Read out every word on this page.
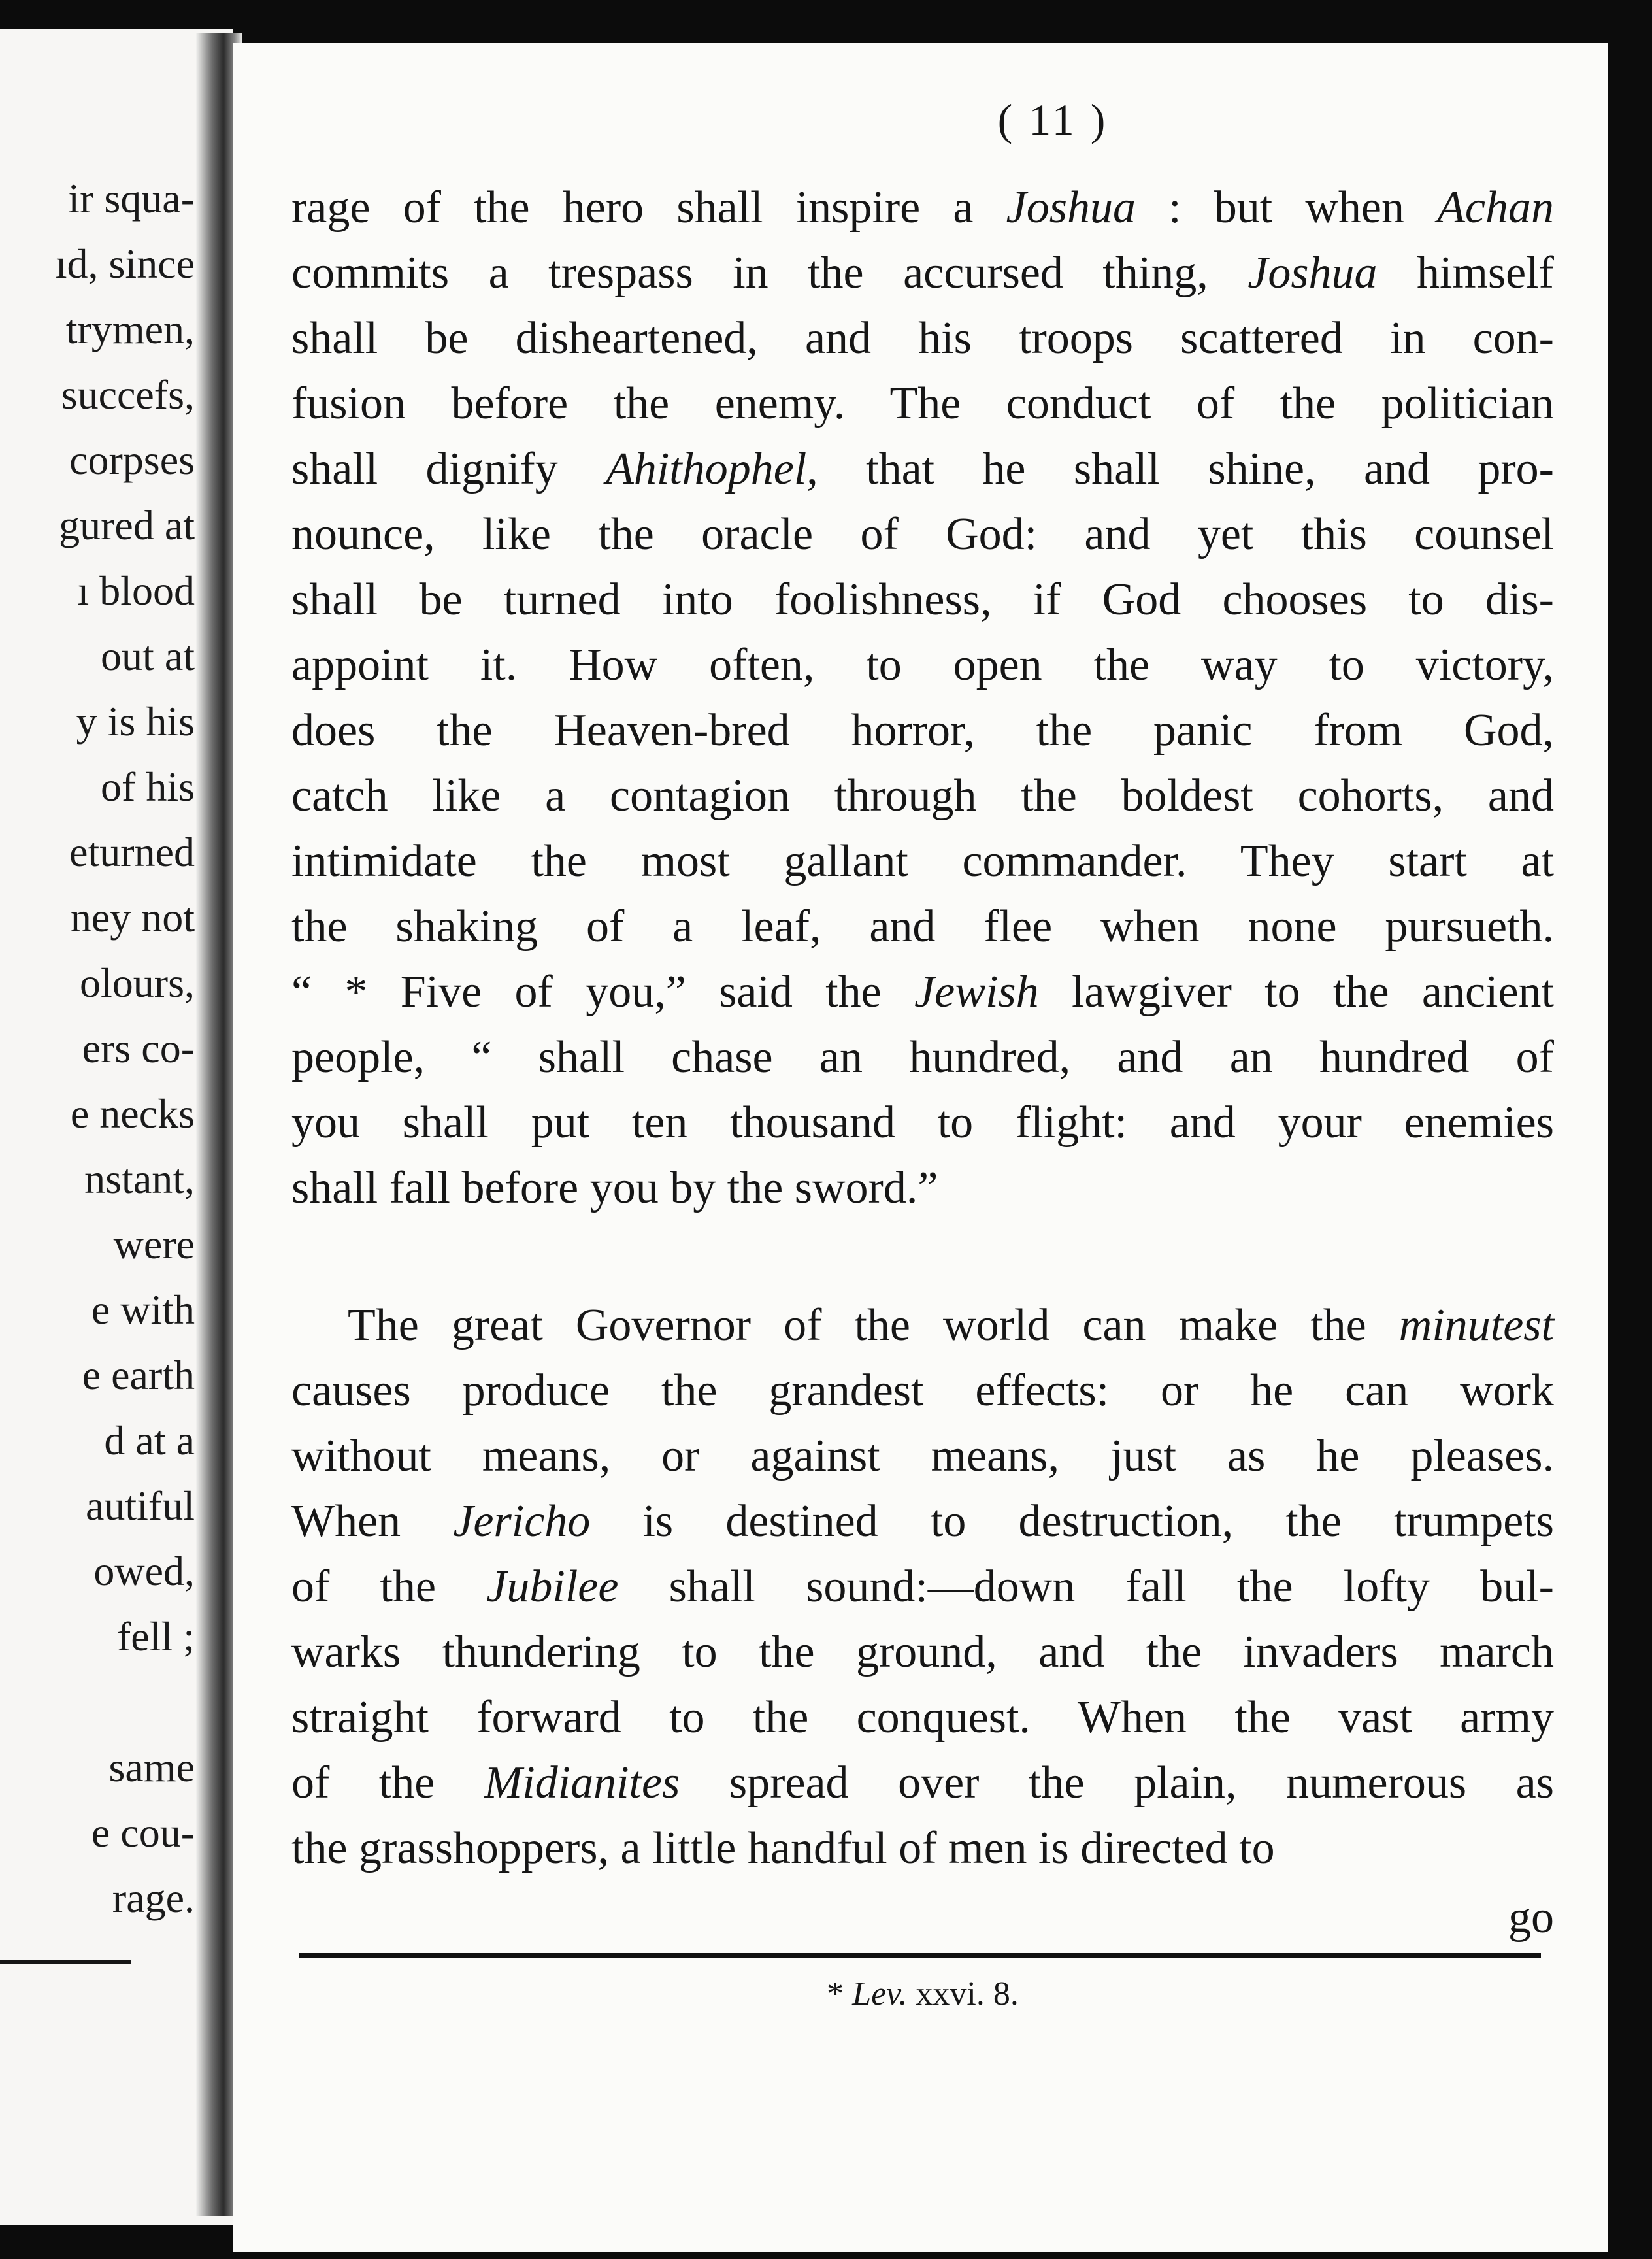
ir squa-
ıd, since
trymen,
succefs,
corpses
gured at
ı blood
out at
y is his
of his
eturned
ney not
olours,
ers co-
e necks
nstant,
were
e with
e earth
d at a
autiful
owed,
fell ;
same
e cou-
rage.
( 11 )
rage of the hero shall inspire a Joshua : but when Achan
commits a trespass in the accursed thing, Joshua himself
shall be disheartened, and his troops scattered in con-
fusion before the enemy. The conduct of the politician
shall dignify Ahithophel, that he shall shine, and pro-
nounce, like the oracle of God: and yet this counsel
shall be turned into foolishness, if God chooses to dis-
appoint it. How often, to open the way to victory,
does the Heaven-bred horror, the panic from God,
catch like a contagion through the boldest cohorts, and
intimidate the most gallant commander. They start at
the shaking of a leaf, and flee when none pursueth.
“ * Five of you,” said the Jewish lawgiver to the ancient
people, “ shall chase an hundred, and an hundred of
you shall put ten thousand to flight: and your enemies
shall fall before you by the sword.”
The great Governor of the world can make the minutest
causes produce the grandest effects: or he can work
without means, or against means, just as he pleases.
When Jericho is destined to destruction, the trumpets
of the Jubilee shall sound:—down fall the lofty bul-
warks thundering to the ground, and the invaders march
straight forward to the conquest. When the vast army
of the Midianites spread over the plain, numerous as
the grasshoppers, a little handful of men is directed to
go
* Lev. xxvi. 8.
